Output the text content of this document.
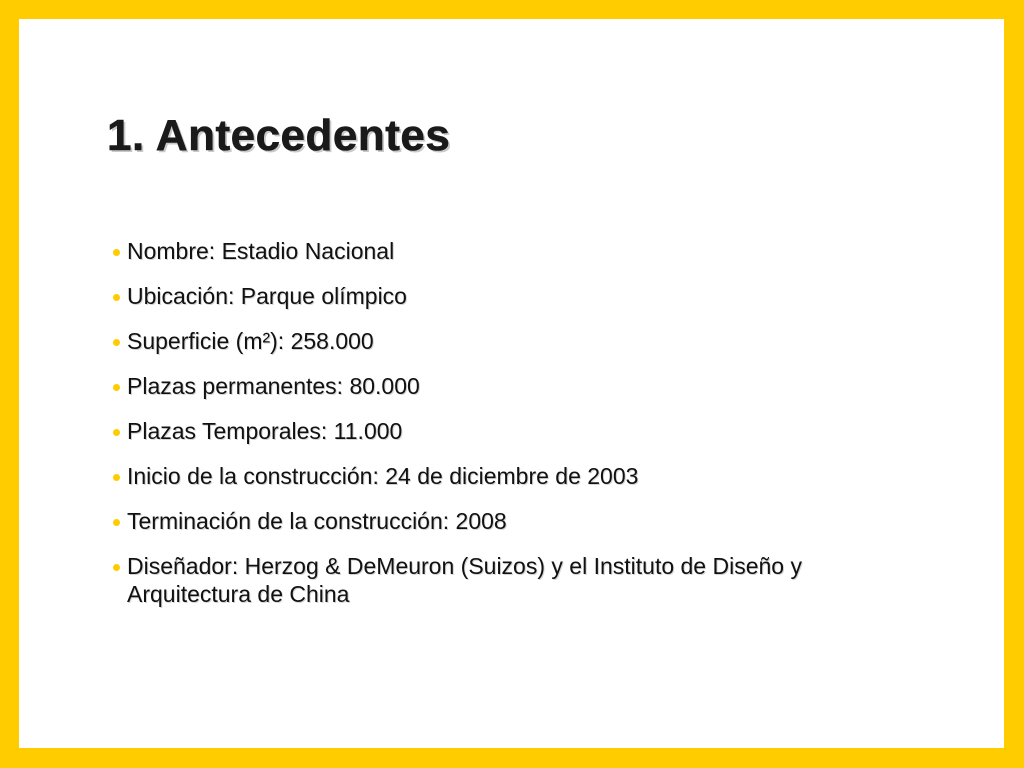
1. Antecedentes
Nombre: Estadio Nacional
Ubicación: Parque olímpico
Superficie (m²): 258.000
Plazas permanentes: 80.000
Plazas Temporales: 11.000
Inicio de la construcción: 24 de diciembre de 2003
Terminación de la construcción: 2008
Diseñador: Herzog & DeMeuron (Suizos) y el Instituto de Diseño y Arquitectura de China
